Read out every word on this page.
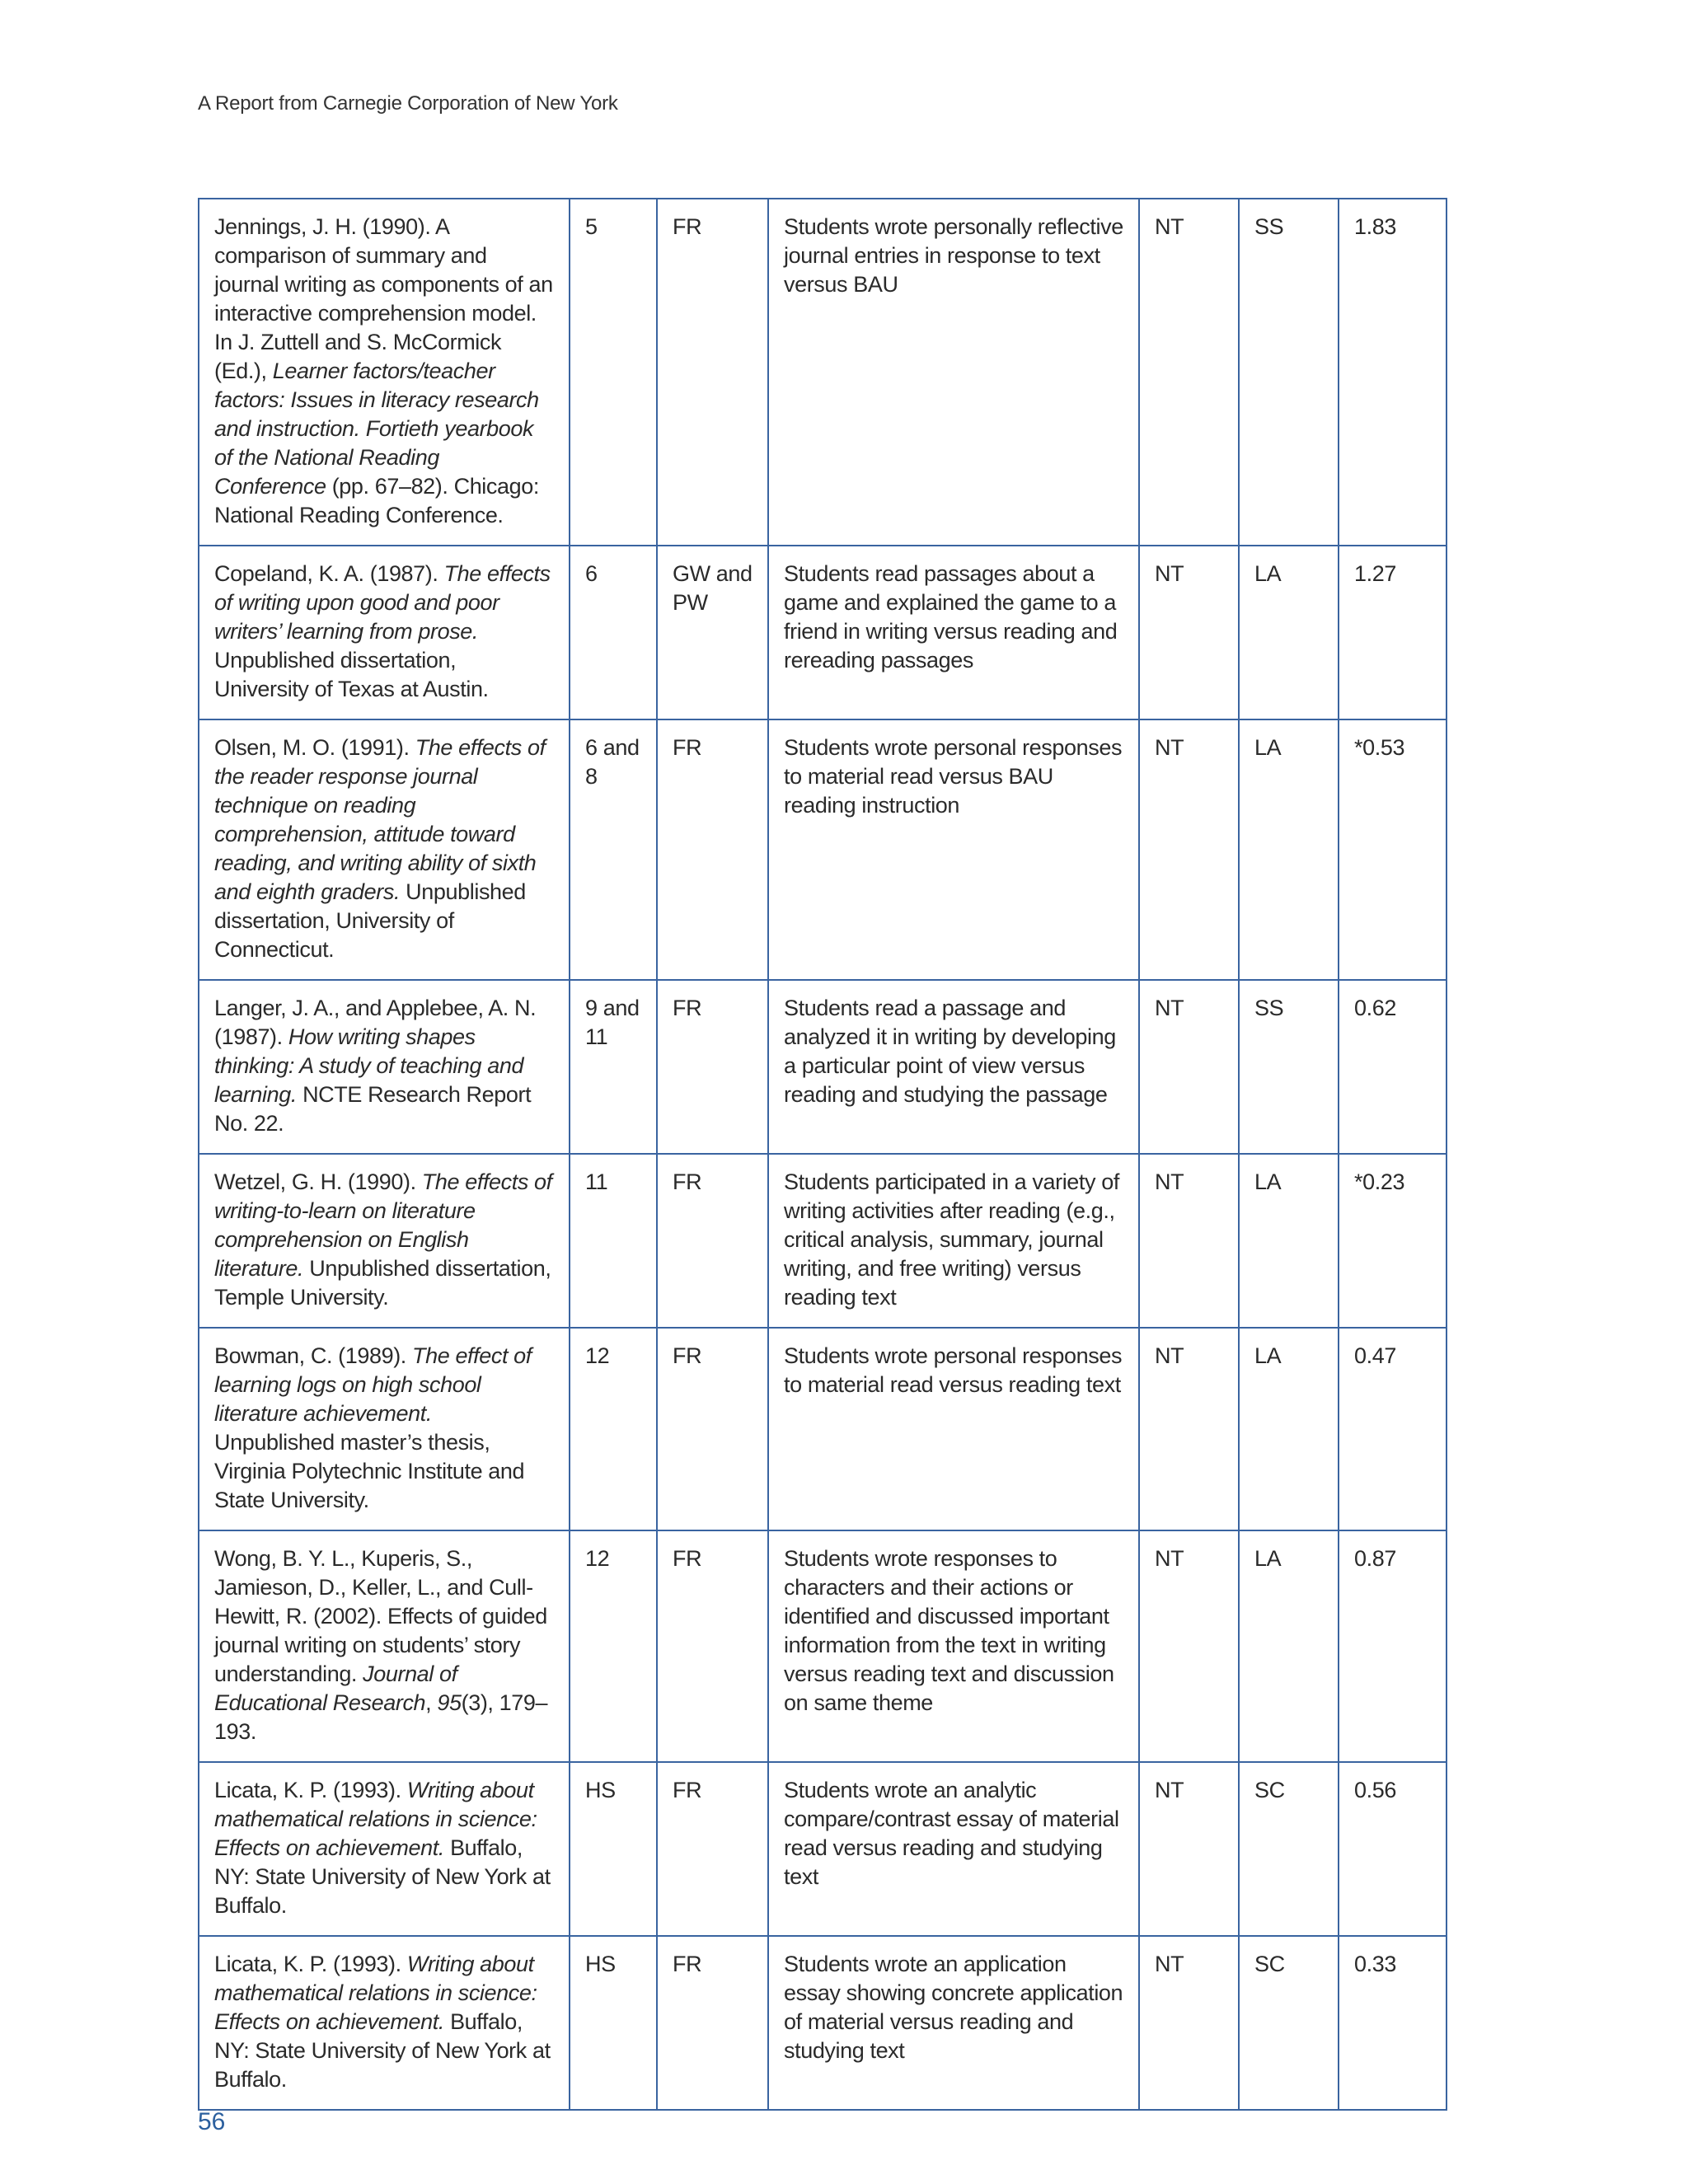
A Report from Carnegie Corporation of New York
Jennings, J. H. (1990). A comparison of summary and journal writing as components of an interactive comprehension model. In J. Zuttell and S. McCormick (Ed.), Learner factors/teacher factors: Issues in literacy research and instruction. Fortieth yearbook of the National Reading Conference (pp. 67–82). Chicago: National Reading Conference.	5	FR	Students wrote personally reflective journal entries in response to text versus BAU	NT	SS	1.83
Copeland, K. A. (1987). The effects of writing upon good and poor writers’ learning from prose. Unpublished dissertation, University of Texas at Austin.	6	GW and PW	Students read passages about a game and explained the game to a friend in writing versus reading and rereading passages	NT	LA	1.27
Olsen, M. O. (1991). The effects of the reader response journal technique on reading comprehension, attitude toward reading, and writing ability of sixth and eighth graders. Unpublished dissertation, University of Connecticut.	6 and 8	FR	Students wrote personal responses to material read versus BAU reading instruction	NT	LA	*0.53
Langer, J. A., and Applebee, A. N. (1987). How writing shapes thinking: A study of teaching and learning. NCTE Research Report No. 22.	9 and 11	FR	Students read a passage and analyzed it in writing by developing a particular point of view versus reading and studying the passage	NT	SS	0.62
Wetzel, G. H. (1990). The effects of writing-to-learn on literature comprehension on English literature. Unpublished dissertation, Temple University.	11	FR	Students participated in a variety of writing activities after reading (e.g., critical analysis, summary, journal writing, and free writing) versus reading text	NT	LA	*0.23
Bowman, C. (1989). The effect of learning logs on high school literature achievement. Unpublished master’s thesis, Virginia Polytechnic Institute and State University.	12	FR	Students wrote personal responses to material read versus reading text	NT	LA	0.47
Wong, B. Y. L., Kuperis, S., Jamieson, D., Keller, L., and Cull-Hewitt, R. (2002). Effects of guided journal writing on students’ story understanding. Journal of Educational Research, 95(3), 179–193.	12	FR	Students wrote responses to characters and their actions or identified and discussed important information from the text in writing versus reading text and discussion on same theme	NT	LA	0.87
Licata, K. P. (1993). Writing about mathematical relations in science: Effects on achievement. Buffalo, NY: State University of New York at Buffalo.	HS	FR	Students wrote an analytic compare/contrast essay of material read versus reading and studying text	NT	SC	0.56
Licata, K. P. (1993). Writing about mathematical relations in science: Effects on achievement. Buffalo, NY: State University of New York at Buffalo.	HS	FR	Students wrote an application essay showing concrete application of material versus reading and studying text	NT	SC	0.33
56
